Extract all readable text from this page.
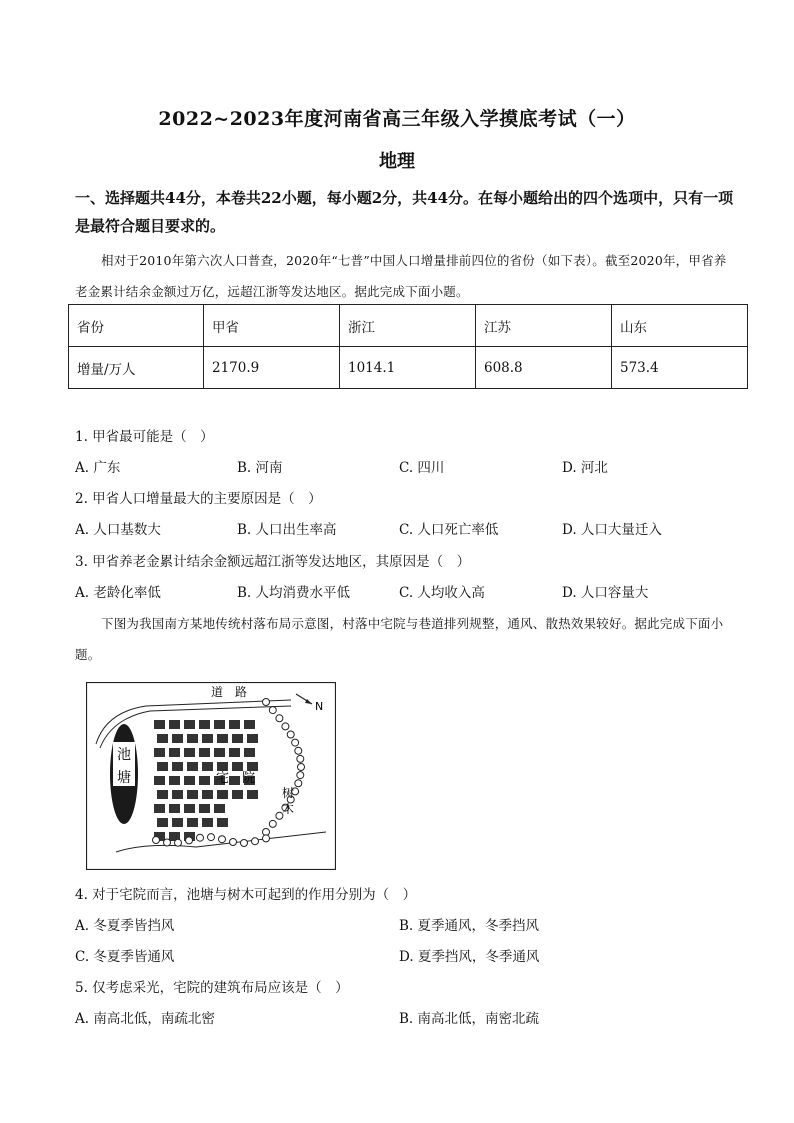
2022~2023年度河南省高三年级入学摸底考试（一）
地理
一、选择题共44分，本卷共22小题，每小题2分，共44分。在每小题给出的四个选项中，只有一项是最符合题目要求的。
相对于2010年第六次人口普查，2020年“七普”中国人口增量排前四位的省份（如下表）。截至2020年，甲省养老金累计结余金额过万亿，远超江浙等发达地区。据此完成下面小题。
省份	甲省	浙江	江苏	山东
增量/万人	2170.9	1014.1	608.8	573.4
1. 甲省最可能是（　）
A. 广东	B. 河南	C. 四川	D. 河北
2. 甲省人口增量最大的主要原因是（　）
A. 人口基数大	B. 人口出生率高	C. 人口死亡率低	D. 人口大量迁入
3. 甲省养老金累计结余金额远超江浙等发达地区，其原因是（　）
A. 老龄化率低	B. 人均消费水平低	C. 人均收入高	D. 人口容量大
下图为我国南方某地传统村落布局示意图，村落中宅院与巷道排列规整，通风、散热效果较好。据此完成下面小题。
道　路
N
池
塘	宅　院
树
木
4. 对于宅院而言，池塘与树木可起到的作用分别为（　）
A. 冬夏季皆挡风	B. 夏季通风，冬季挡风
C. 冬夏季皆通风	D. 夏季挡风，冬季通风
5. 仅考虑采光，宅院的建筑布局应该是（　）
A. 南高北低，南疏北密	B. 南高北低，南密北疏
